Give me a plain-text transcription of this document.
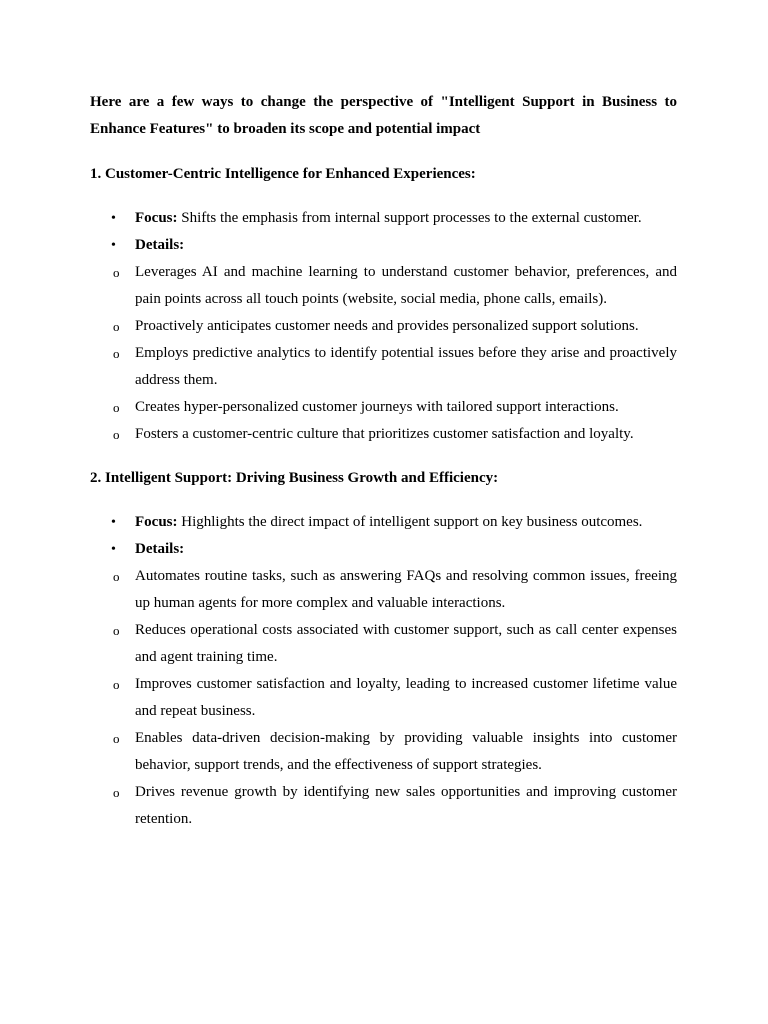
Here are a few ways to change the perspective of "Intelligent Support in Business to Enhance Features" to broaden its scope and potential impact

1. Customer-Centric Intelligence for Enhanced Experiences:

• Focus: Shifts the emphasis from internal support processes to the external customer.
• Details:
o Leverages AI and machine learning to understand customer behavior, preferences, and pain points across all touch points (website, social media, phone calls, emails).
o Proactively anticipates customer needs and provides personalized support solutions.
o Employs predictive analytics to identify potential issues before they arise and proactively address them.
o Creates hyper-personalized customer journeys with tailored support interactions.
o Fosters a customer-centric culture that prioritizes customer satisfaction and loyalty.

2. Intelligent Support: Driving Business Growth and Efficiency:

• Focus: Highlights the direct impact of intelligent support on key business outcomes.
• Details:
o Automates routine tasks, such as answering FAQs and resolving common issues, freeing up human agents for more complex and valuable interactions.
o Reduces operational costs associated with customer support, such as call center expenses and agent training time.
o Improves customer satisfaction and loyalty, leading to increased customer lifetime value and repeat business.
o Enables data-driven decision-making by providing valuable insights into customer behavior, support trends, and the effectiveness of support strategies.
o Drives revenue growth by identifying new sales opportunities and improving customer retention.
